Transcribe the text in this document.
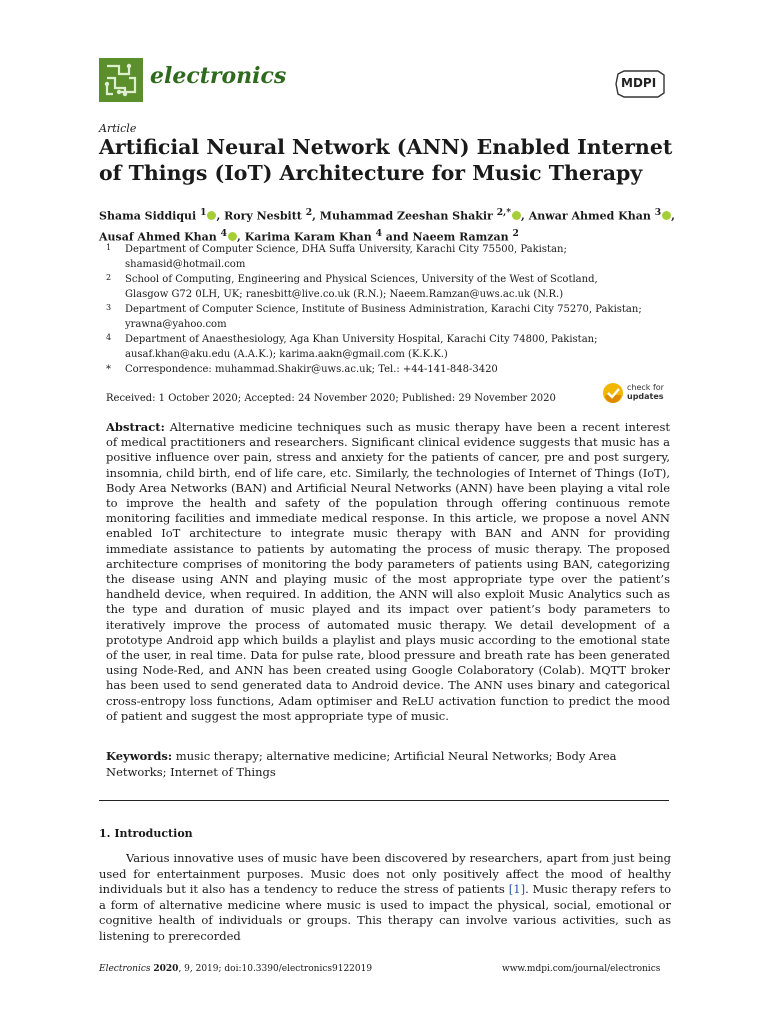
electronics	MDPI
Article
Artificial Neural Network (ANN) Enabled Internet of Things (IoT) Architecture for Music Therapy
Shama Siddiqui $^1$ , Rory Nesbitt $^2$, Muhammad Zeeshan Shakir $^{2,*}$ , Anwar Ahmed Khan $^3$ ,
Ausaf Ahmed Khan $^4$ , Karima Karam Khan $^4$ and Naeem Ramzan $^2$
1 Department of Computer Science, DHA Suffa University, Karachi City 75500, Pakistan;
shamasid@hotmail.com
2 School of Computing, Engineering and Physical Sciences, University of the West of Scotland,
Glasgow G72 0LH, UK; ranesbitt@live.co.uk (R.N.); Naeem.Ramzan@uws.ac.uk (N.R.)
3 Department of Computer Science, Institute of Business Administration, Karachi City 75270, Pakistan;
yrawna@yahoo.com
4 Department of Anaesthesiology, Aga Khan University Hospital, Karachi City 74800, Pakistan;
ausaf.khan@aku.edu (A.A.K.); karima.aakn@gmail.com (K.K.K.)
* Correspondence: muhammad.Shakir@uws.ac.uk; Tel.: +44-141-848-3420
Received: 1 October 2020; Accepted: 24 November 2020; Published: 29 November 2020
check for
updates
Abstract: Alternative medicine techniques such as music therapy have been a recent interest of medical practitioners and researchers. Significant clinical evidence suggests that music has a positive influence over pain, stress and anxiety for the patients of cancer, pre and post surgery, insomnia, child birth, end of life care, etc. Similarly, the technologies of Internet of Things (IoT), Body Area Networks (BAN) and Artificial Neural Networks (ANN) have been playing a vital role to improve the health and safety of the population through offering continuous remote monitoring facilities and immediate medical response. In this article, we propose a novel ANN enabled IoT architecture to integrate music therapy with BAN and ANN for providing immediate assistance to patients by automating the process of music therapy. The proposed architecture comprises of monitoring the body parameters of patients using BAN, categorizing the disease using ANN and playing music of the most appropriate type over the patient’s handheld device, when required. In addition, the ANN will also exploit Music Analytics such as the type and duration of music played and its impact over patient’s body parameters to iteratively improve the process of automated music therapy. We detail development of a prototype Android app which builds a playlist and plays music according to the emotional state of the user, in real time. Data for pulse rate, blood pressure and breath rate has been generated using Node-Red, and ANN has been created using Google Colaboratory (Colab). MQTT broker has been used to send generated data to Android device. The ANN uses binary and categorical cross-entropy loss functions, Adam optimiser and ReLU activation function to predict the mood of patient and suggest the most appropriate type of music.
Keywords: music therapy; alternative medicine; Artificial Neural Networks; Body Area Networks; Internet of Things
1. Introduction
Various innovative uses of music have been discovered by researchers, apart from just being used for entertainment purposes. Music does not only positively affect the mood of healthy individuals but it also has a tendency to reduce the stress of patients [1]. Music therapy refers to a form of alternative medicine where music is used to impact the physical, social, emotional or cognitive health of individuals or groups. This therapy can involve various activities, such as listening to prerecorded
Electronics 2020, 9, 2019; doi:10.3390/electronics9122019	www.mdpi.com/journal/electronics
